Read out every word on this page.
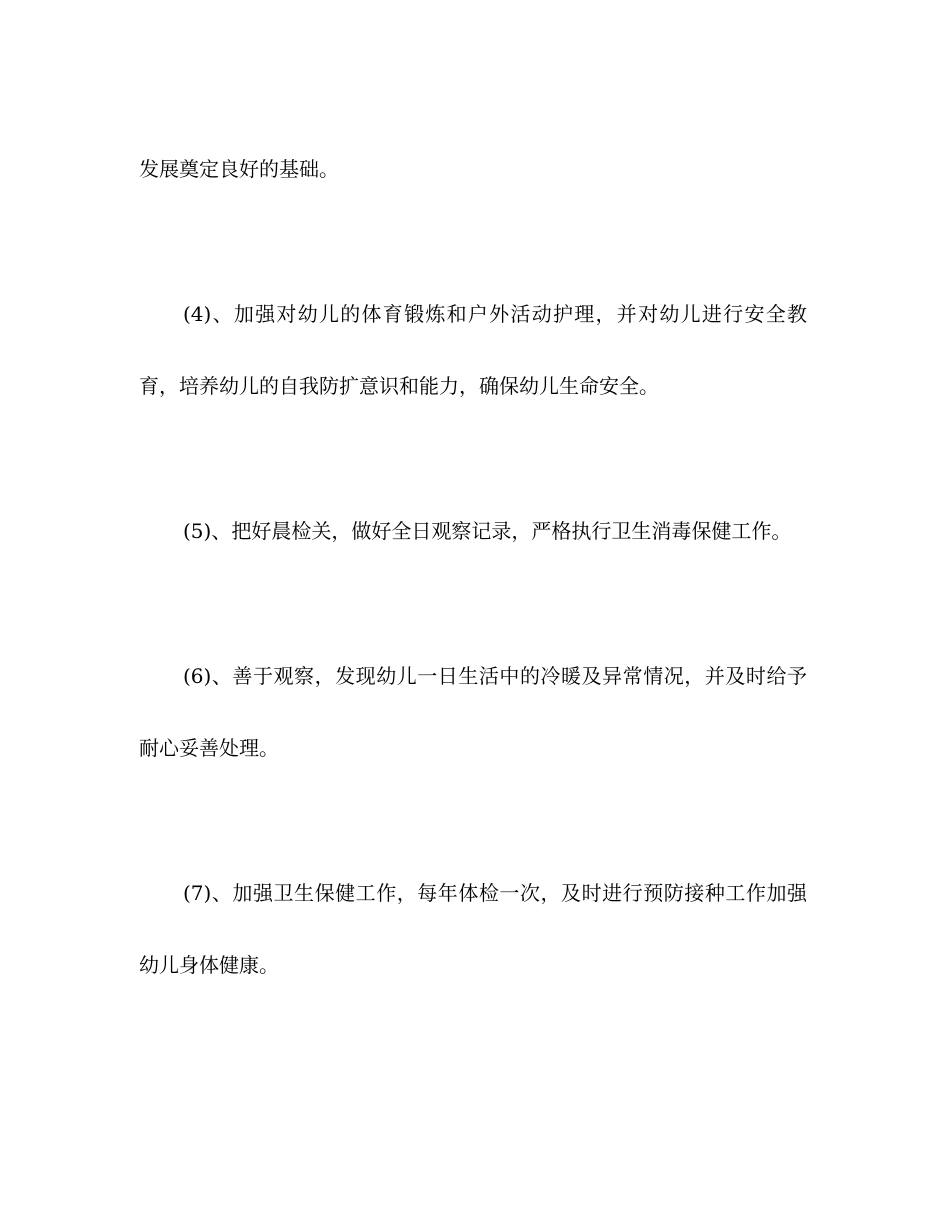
发展奠定良好的基础。

(4)、加强对幼儿的体育锻炼和户外活动护理，并对幼儿进行安全教育，培养幼儿的自我防扩意识和能力，确保幼儿生命安全。

(5)、把好晨检关，做好全日观察记录，严格执行卫生消毒保健工作。

(6)、善于观察，发现幼儿一日生活中的冷暖及异常情况，并及时给予耐心妥善处理。

(7)、加强卫生保健工作，每年体检一次，及时进行预防接种工作加强幼儿身体健康。
